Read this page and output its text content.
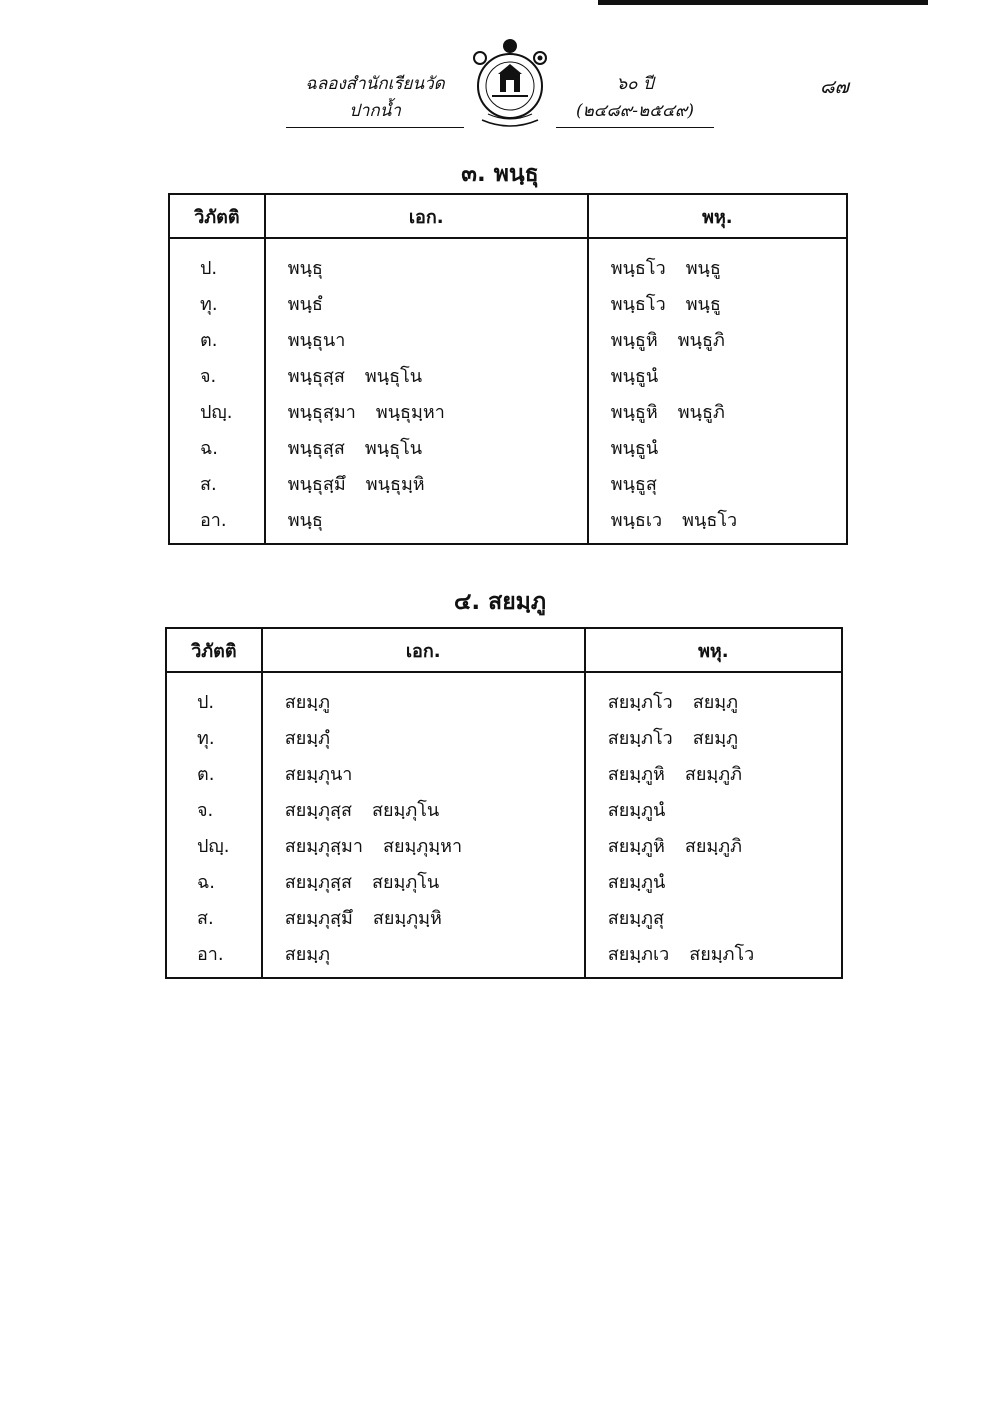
ฉลองสำนักเรียนวัดปากน้ำ
๖๐ ปี (๒๔๘๙-๒๕๔๙)
๘๗
๓. พนฺธุ
วิภัตติ	เอก.	พหุ.
ป.	พนฺธุ	พนฺธโว พนฺธู
ทุ.	พนฺธํ	พนฺธโว พนฺธู
ต.	พนฺธุนา	พนฺธูหิ พนฺธูภิ
จ.	พนฺธุสฺส พนฺธุโน	พนฺธูนํ
ปญฺ.	พนฺธุสฺมา พนฺธุมฺหา	พนฺธูหิ พนฺธูภิ
ฉ.	พนฺธุสฺส พนฺธุโน	พนฺธูนํ
ส.	พนฺธุสฺมึ พนฺธุมฺหิ	พนฺธูสุ
อา.	พนฺธุ	พนฺธเว พนฺธโว
๔. สยมฺภู
วิภัตติ	เอก.	พหุ.
ป.	สยมฺภู	สยมฺภโว สยมฺภู
ทุ.	สยมฺภุํ	สยมฺภโว สยมฺภู
ต.	สยมฺภุนา	สยมฺภูหิ สยมฺภูภิ
จ.	สยมฺภุสฺส สยมฺภุโน	สยมฺภูนํ
ปญฺ.	สยมฺภุสฺมา สยมฺภุมฺหา	สยมฺภูหิ สยมฺภูภิ
ฉ.	สยมฺภุสฺส สยมฺภุโน	สยมฺภูนํ
ส.	สยมฺภุสฺมึ สยมฺภุมฺหิ	สยมฺภูสุ
อา.	สยมฺภุ	สยมฺภเว สยมฺภโว
